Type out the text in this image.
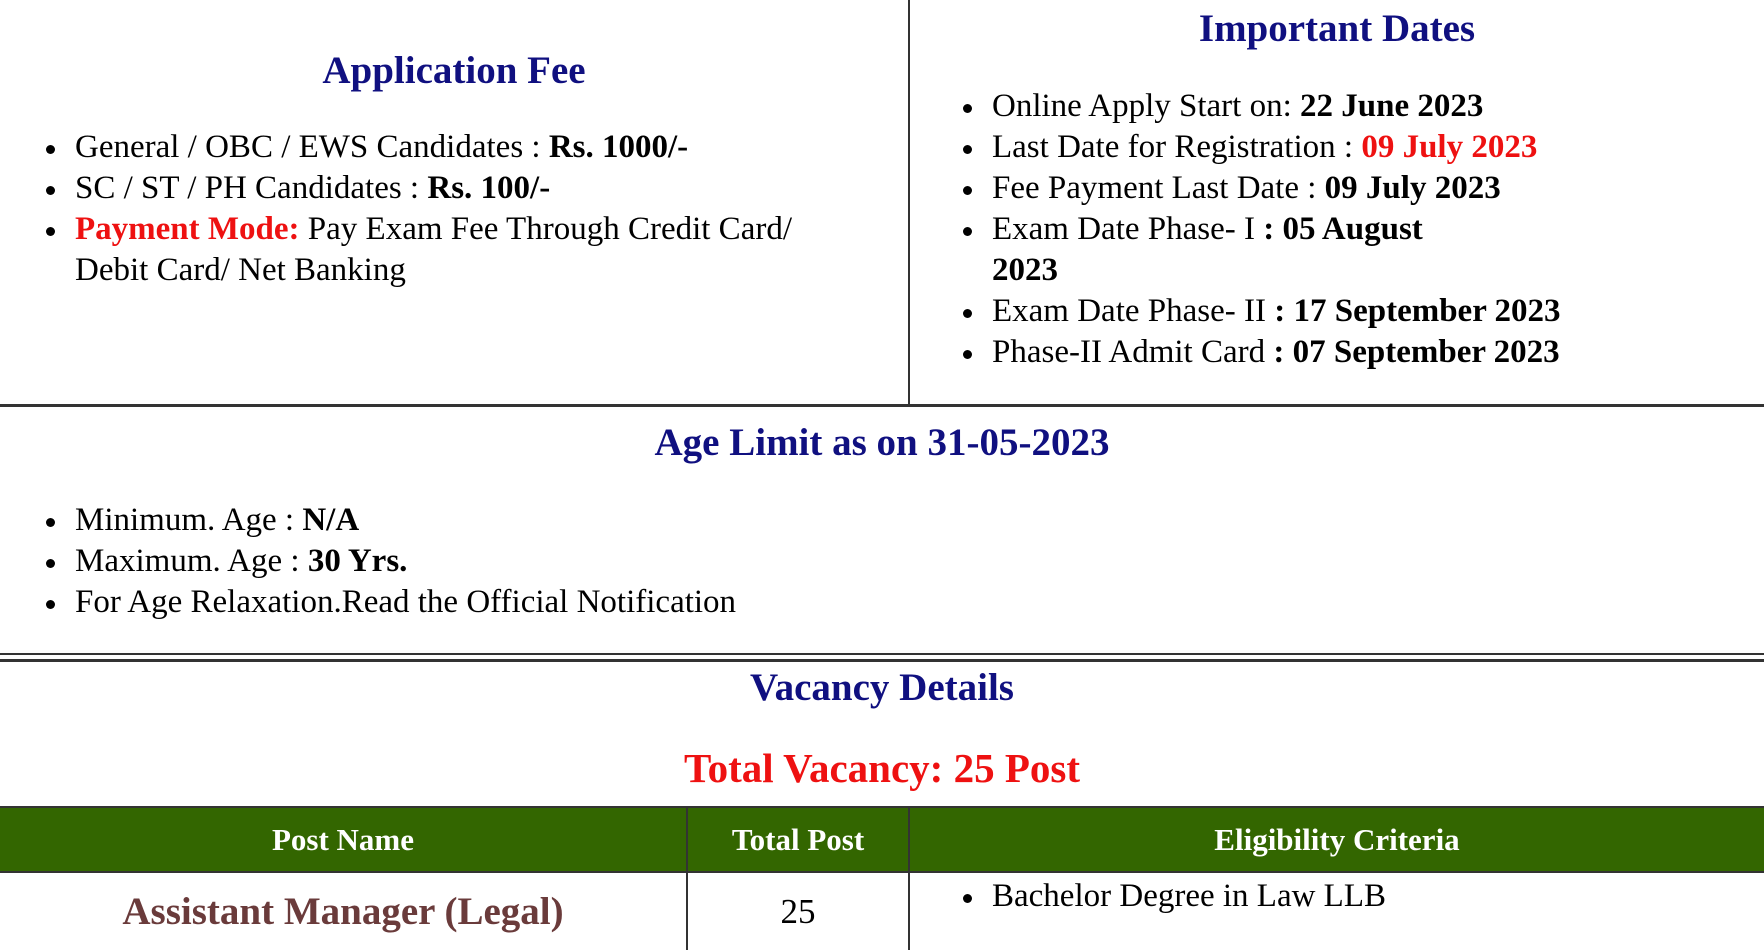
Application Fee
General / OBC / EWS Candidates : Rs. 1000/-
SC / ST / PH Candidates : Rs. 100/-
Payment Mode: Pay Exam Fee Through Credit Card/
Debit Card/ Net Banking
Important Dates
Online Apply Start on: 22 June 2023
Last Date for Registration : 09 July 2023
Fee Payment Last Date : 09 July 2023
Exam Date Phase- I : 05 August
2023
Exam Date Phase- II : 17 September 2023
Phase-II Admit Card : 07 September 2023
Age Limit as on 31-05-2023
Minimum. Age : N/A
Maximum. Age : 30 Yrs.
For Age Relaxation.Read the Official Notification
Vacancy Details
Total Vacancy: 25 Post
Post Name	Total Post	Eligibility Criteria
Assistant Manager (Legal)	25	Bachelor Degree in Law LLB
